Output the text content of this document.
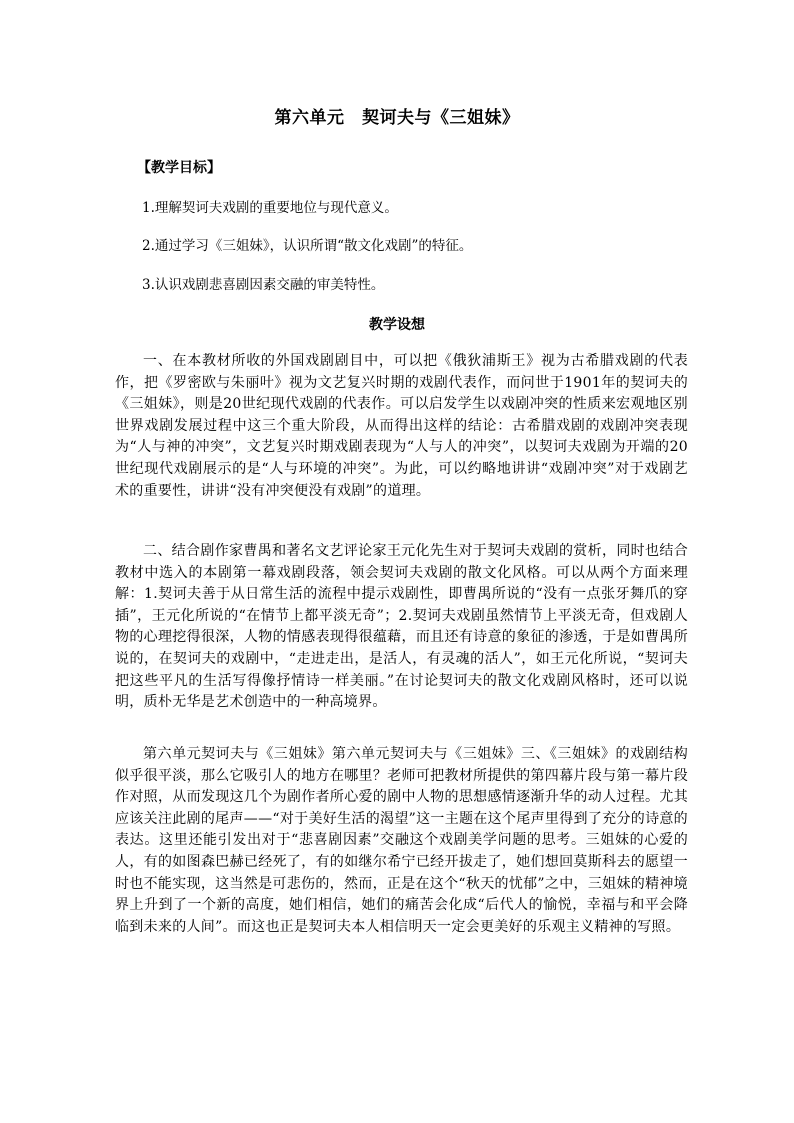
第六单元　契诃夫与《三姐妹》
【教学目标】
1.理解契诃夫戏剧的重要地位与现代意义。
2.通过学习《三姐妹》，认识所谓“散文化戏剧”的特征。
3.认识戏剧悲喜剧因素交融的审美特性。
教学设想

一、在本教材所收的外国戏剧剧目中，可以把《俄狄浦斯王》视为古希腊戏剧的代表作，把《罗密欧与朱丽叶》视为文艺复兴时期的戏剧代表作，而问世于1901年的契诃夫的《三姐妹》，则是20世纪现代戏剧的代表作。可以启发学生以戏剧冲突的性质来宏观地区别世界戏剧发展过程中这三个重大阶段，从而得出这样的结论：古希腊戏剧的戏剧冲突表现为“人与神的冲突”，文艺复兴时期戏剧表现为“人与人的冲突”，以契诃夫戏剧为开端的20世纪现代戏剧展示的是“人与环境的冲突”。为此，可以约略地讲讲“戏剧冲突”对于戏剧艺术的重要性，讲讲“没有冲突便没有戏剧”的道理。

二、结合剧作家曹禺和著名文艺评论家王元化先生对于契诃夫戏剧的赏析，同时也结合教材中选入的本剧第一幕戏剧段落，领会契诃夫戏剧的散文化风格。可以从两个方面来理解：1.契诃夫善于从日常生活的流程中提示戏剧性，即曹禺所说的“没有一点张牙舞爪的穿插”，王元化所说的“在情节上都平淡无奇”；2.契诃夫戏剧虽然情节上平淡无奇，但戏剧人物的心理挖得很深，人物的情感表现得很蕴藉，而且还有诗意的象征的渗透，于是如曹禺所说的，在契诃夫的戏剧中，“走进走出，是活人，有灵魂的活人”，如王元化所说，“契诃夫把这些平凡的生活写得像抒情诗一样美丽。”在讨论契诃夫的散文化戏剧风格时，还可以说明，质朴无华是艺术创造中的一种高境界。

第六单元契诃夫与《三姐妹》第六单元契诃夫与《三姐妹》三、《三姐妹》的戏剧结构似乎很平淡，那么它吸引人的地方在哪里？老师可把教材所提供的第四幕片段与第一幕片段作对照，从而发现这几个为剧作者所心爱的剧中人物的思想感情逐渐升华的动人过程。尤其应该关注此剧的尾声——“对于美好生活的渴望”这一主题在这个尾声里得到了充分的诗意的表达。这里还能引发出对于“悲喜剧因素”交融这个戏剧美学问题的思考。三姐妹的心爱的人，有的如图森巴赫已经死了，有的如继尔希宁已经开拔走了，她们想回莫斯科去的愿望一时也不能实现，这当然是可悲伤的，然而，正是在这个“秋天的忧郁”之中，三姐妹的精神境界上升到了一个新的高度，她们相信，她们的痛苦会化成“后代人的愉悦，幸福与和平会降临到未来的人间”。而这也正是契诃夫本人相信明天一定会更美好的乐观主义精神的写照。
